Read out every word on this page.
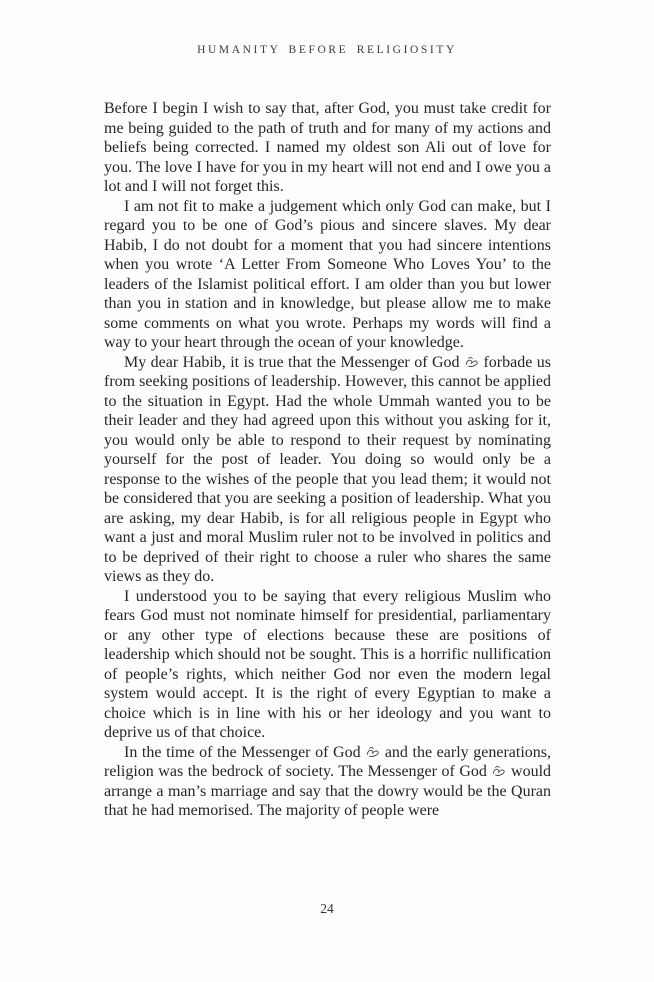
HUMANITY BEFORE RELIGIOSITY

Before I begin I wish to say that, after God, you must take credit for me being guided to the path of truth and for many of my actions and beliefs being corrected. I named my oldest son Ali out of love for you. The love I have for you in my heart will not end and I owe you a lot and I will not forget this.

I am not fit to make a judgement which only God can make, but I regard you to be one of God’s pious and sincere slaves. My dear Habib, I do not doubt for a moment that you had sincere intentions when you wrote ‘A Letter From Someone Who Loves You’ to the leaders of the Islamist political effort. I am older than you but lower than you in station and in knowledge, but please allow me to make some comments on what you wrote. Perhaps my words will find a way to your heart through the ocean of your knowledge.

My dear Habib, it is true that the Messenger of God forbade us from seeking positions of leadership. However, this cannot be applied to the situation in Egypt. Had the whole Ummah wanted you to be their leader and they had agreed upon this without you asking for it, you would only be able to respond to their request by nominating yourself for the post of leader. You doing so would only be a response to the wishes of the people that you lead them; it would not be considered that you are seeking a position of leadership. What you are asking, my dear Habib, is for all religious people in Egypt who want a just and moral Muslim ruler not to be involved in politics and to be deprived of their right to choose a ruler who shares the same views as they do.

I understood you to be saying that every religious Muslim who fears God must not nominate himself for presidential, parliamentary or any other type of elections because these are positions of leadership which should not be sought. This is a horrific nullification of people’s rights, which neither God nor even the modern legal system would accept. It is the right of every Egyptian to make a choice which is in line with his or her ideology and you want to deprive us of that choice.

In the time of the Messenger of God and the early generations, religion was the bedrock of society. The Messenger of God would arrange a man’s marriage and say that the dowry would be the Quran that he had memorised. The majority of people were

24
